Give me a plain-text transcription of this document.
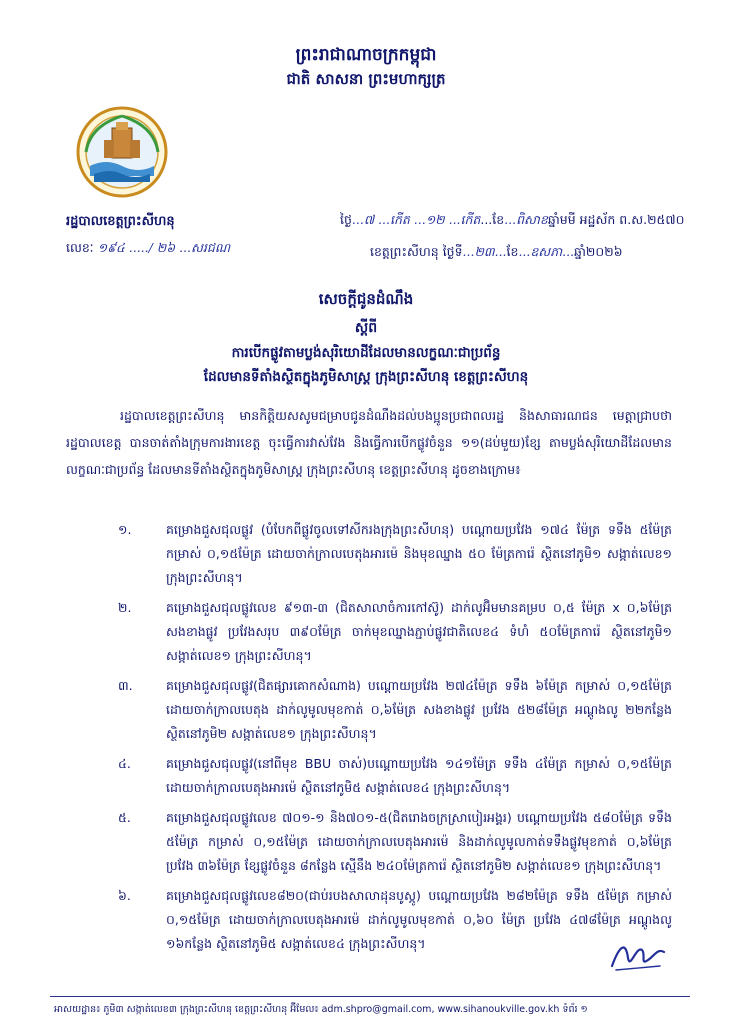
ព្រះរាជាណាចក្រកម្ពុជា
ជាតិ សាសនា ព្រះមហាក្សត្រ
រដ្ឋបាលខេត្តព្រះសីហនុ
លេខៈ ១៩៤ ...../ ២៦ ...សរជណ
ថ្ងៃ...៧ ...កើត ...១២ ...កើត...ខែ...ពិសាខឆ្នាំមមី អដ្ឋស័ក ព.ស.២៥៧០
ខេត្តព្រះសីហនុ ថ្ងៃទី...២៣...ខែ...ឧសភា...ឆ្នាំ២០២៦
សេចក្ដីជូនដំណឹង
ស្ដីពី
ការបើកផ្លូវតាមប្លង់សុរិយោដីដែលមានលក្ខណៈជាប្រព័ន្ធ
ដែលមានទីតាំងស្ថិតក្នុងភូមិសាស្ត្រ ក្រុងព្រះសីហនុ ខេត្តព្រះសីហនុ
រដ្ឋបាលខេត្តព្រះសីហនុ មានកិត្តិយសសូមជម្រាបជូនដំណឹងដល់បងប្អូនប្រជាពលរដ្ឋ និងសាធារណជន មេត្តាជ្រាបថា រដ្ឋបាលខេត្ត បានចាត់តាំងក្រុមការងារខេត្ត ចុះធ្វើការវាស់វែង និងធ្វើការបើកផ្លូវចំនួន ១១(ដប់មួយ)ខ្សែ តាមប្លង់សុរិយោដីដែលមានលក្ខណៈជាប្រព័ន្ធ ដែលមានទីតាំងស្ថិតក្នុងភូមិសាស្ត្រ ក្រុងព្រះសីហនុ ខេត្តព្រះសីហនុ ដូចខាងក្រោម៖
១.	គម្រោងជួសជុលផ្លូវ (បំបែកពីផ្លូវចូលទៅសីករងក្រុងព្រះសីហនុ) បណ្ដោយប្រវែង ១៧៤ ម៉ែត្រ ទទឹង ៥ម៉ែត្រ កម្រាស់ ០,១៥ម៉ែត្រ ដោយចាក់ក្រាលបេតុងអារម៉េ និងមុខឈ្នាង ៥០ ម៉ែត្រការ៉េ ស្ថិតនៅភូមិ១ សង្កាត់លេខ១ ក្រុងព្រះសីហនុ។
២.	គម្រោងជួសជុលផ្លូវលេខ ៩១៣-៣ (ជិតសាលាចំការកៅស៊ូ) ដាក់លូអ៊ិមមានគម្រប ០,៥ ម៉ែត្រ x ០,៦ម៉ែត្រ សងខាងផ្លូវ ប្រវែងសរុប ៣៩០ម៉ែត្រ ចាក់មុខឈ្នាងភ្ជាប់ផ្លូវជាតិលេខ៤ ទំហំ ៥០ម៉ែត្រការ៉េ ស្ថិតនៅភូមិ១ សង្កាត់លេខ១ ក្រុងព្រះសីហនុ។
៣.	គម្រោងជួសជុលផ្លូវ(ជិតផ្សារគោកសំណាង) បណ្ដោយប្រវែង ២៧៤ម៉ែត្រ ទទឹង ៦ម៉ែត្រ កម្រាស់ ០,១៥ម៉ែត្រ ដោយចាក់ក្រាលបេតុង ដាក់លូមូលមុខកាត់ ០,៦ម៉ែត្រ សងខាងផ្លូវ ប្រវែង ៥២៨ម៉ែត្រ អណ្ដូងលូ ២២កន្លែង ស្ថិតនៅភូមិ២ សង្កាត់លេខ១ ក្រុងព្រះសីហនុ។
៤.	គម្រោងជួសជុលផ្លូវ(នៅពីមុខ BBU ចាស់)បណ្ដោយប្រវែង ១៤១ម៉ែត្រ ទទឹង ៤ម៉ែត្រ កម្រាស់ ០,១៥ម៉ែត្រ ដោយចាក់ក្រាលបេតុងអារម៉េ ស្ថិតនៅភូមិ៥ សង្កាត់លេខ៤ ក្រុងព្រះសីហនុ។
៥.	គម្រោងជួសជុលផ្លូវលេខ ៧០១-១ និង៧០១-៥(ជិតរោងចក្រស្រាបៀរអង្គរ) បណ្ដោយប្រវែង ៥៨០ម៉ែត្រ ទទឹង ៥ម៉ែត្រ កម្រាស់ ០,១៥ម៉ែត្រ ដោយចាក់ក្រាលបេតុងអារម៉េ និងដាក់លូមូលកាត់ទទឹងផ្លូវមុខកាត់ ០,៦ម៉ែត្រ ប្រវែង ៣៦ម៉ែត្រ ខ្សែផ្លូវចំនួន ៨កន្លែង ស្មើនឹង ២៤០ម៉ែត្រការ៉េ ស្ថិតនៅភូមិ២ សង្កាត់លេខ១ ក្រុងព្រះសីហនុ។
៦.	គម្រោងជួសជុលផ្លូវលេខ៨២០(ជាប់របងសាលាដុនបូស្កូ) បណ្ដោយប្រវែង ២៨២ម៉ែត្រ ទទឹង ៥ម៉ែត្រ កម្រាស់ ០,១៥ម៉ែត្រ ដោយចាក់ក្រាលបេតុងអារម៉េ ដាក់លូមូលមុខកាត់ ០,៦០ ម៉ែត្រ ប្រវែង ៤៧៨ម៉ែត្រ អណ្ដូងលូ ១៦កន្លែង ស្ថិតនៅភូមិ៥ សង្កាត់លេខ៤ ក្រុងព្រះសីហនុ។
អាសយដ្ឋាន៖ ភូមិ៣ សង្កាត់លេខ៣ ក្រុងព្រះសីហនុ ខេត្តព្រះសីហនុ អ៊ីមែល៖ adm.shpro@gmail.com, www.sihanoukville.gov.kh ទំព័រ ១
